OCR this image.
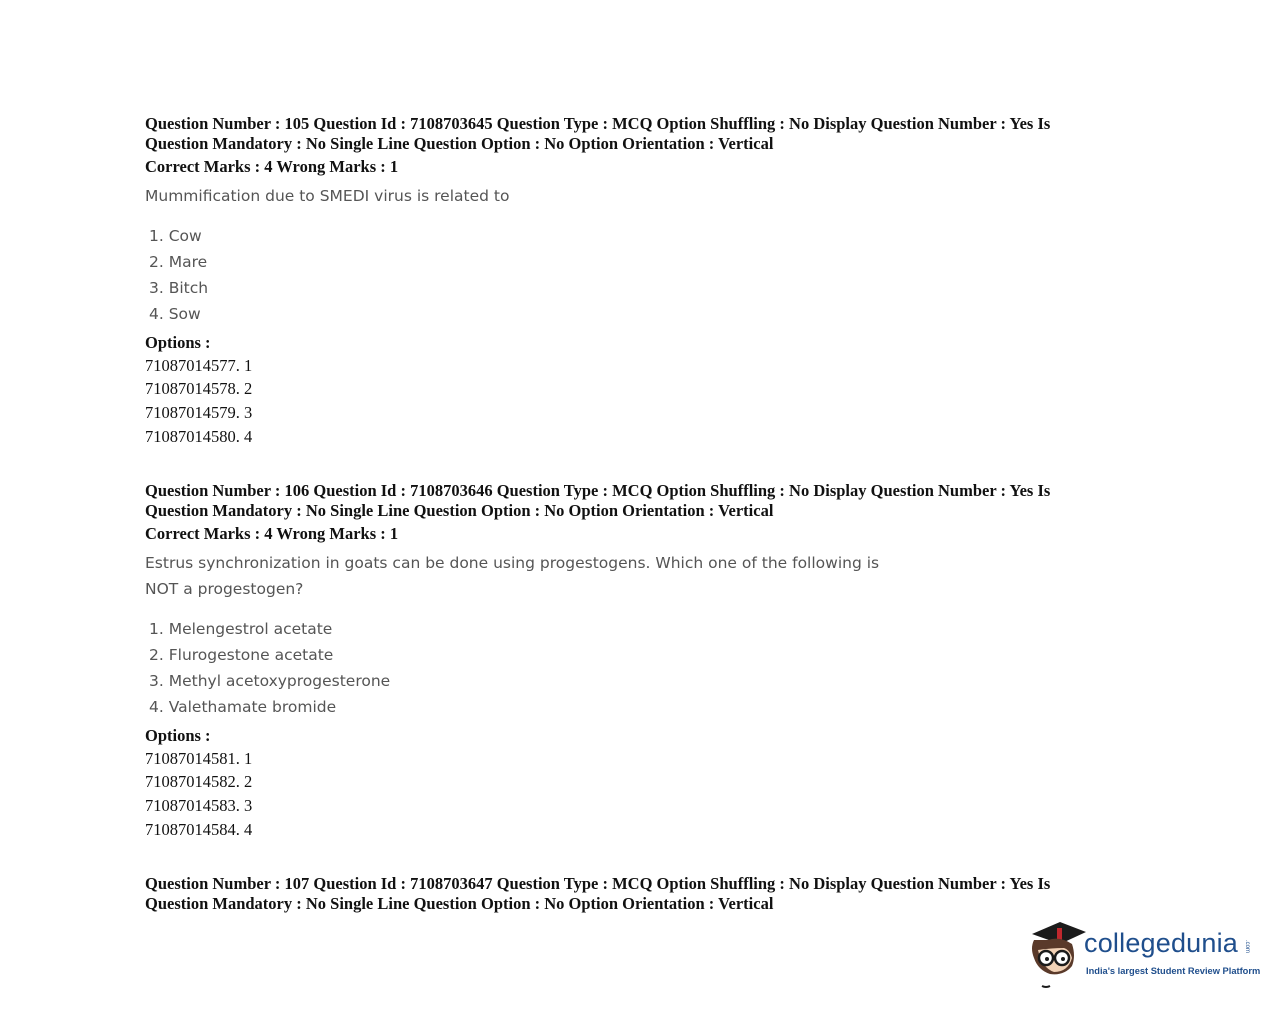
Question Number : 105 Question Id : 7108703645 Question Type : MCQ Option Shuffling : No Display Question Number : Yes Is

Question Mandatory : No Single Line Question Option : No Option Orientation : Vertical

Correct Marks : 4 Wrong Marks : 1

Mummification due to SMEDI virus is related to

1. Cow
2. Mare
3. Bitch
4. Sow

Options :

71087014577. 1

71087014578. 2

71087014579. 3

71087014580. 4

Question Number : 106 Question Id : 7108703646 Question Type : MCQ Option Shuffling : No Display Question Number : Yes Is

Question Mandatory : No Single Line Question Option : No Option Orientation : Vertical

Correct Marks : 4 Wrong Marks : 1

Estrus synchronization in goats can be done using progestogens. Which one of the following is

NOT a progestogen?

1. Melengestrol acetate
2. Flurogestone acetate
3. Methyl acetoxyprogesterone
4. Valethamate bromide

Options :

71087014581. 1

71087014582. 2

71087014583. 3

71087014584. 4

Question Number : 107 Question Id : 7108703647 Question Type : MCQ Option Shuffling : No Display Question Number : Yes Is

Question Mandatory : No Single Line Question Option : No Option Orientation : Vertical

collegedunia .com
India's largest Student Review Platform
